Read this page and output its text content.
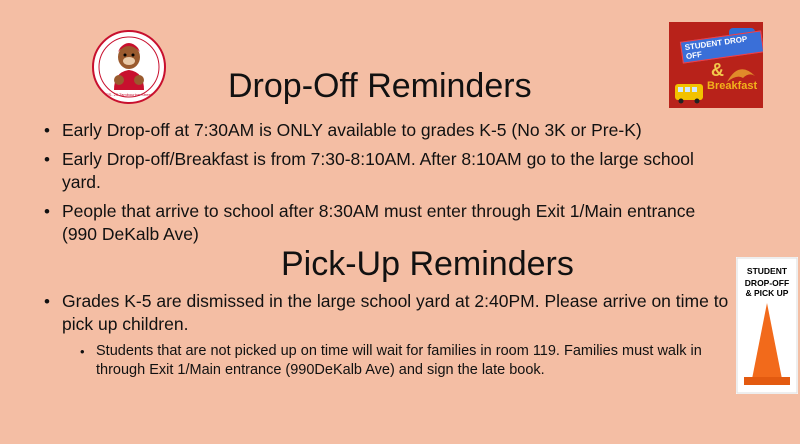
PS. 25 Tambourine Street

STUDENT DROP OFF

&

Breakfast

STUDENT

DROP-OFF

& PICK UP

Drop-Off Reminders
• Early Drop-off at 7:30AM is ONLY available to grades K-5 (No 3K or Pre-K)
• Early Drop-off/Breakfast is from 7:30-8:10AM. After 8:10AM go to the large school yard.
• People that arrive to school after 8:30AM must enter through Exit 1/Main entrance (990 DeKalb Ave)
Pick-Up Reminders
• Grades K-5 are dismissed in the large school yard at 2:40PM. Please arrive on time to pick up children.
• Students that are not picked up on time will wait for families in room 119. Families must walk in through Exit 1/Main entrance (990DeKalb Ave) and sign the late book.
